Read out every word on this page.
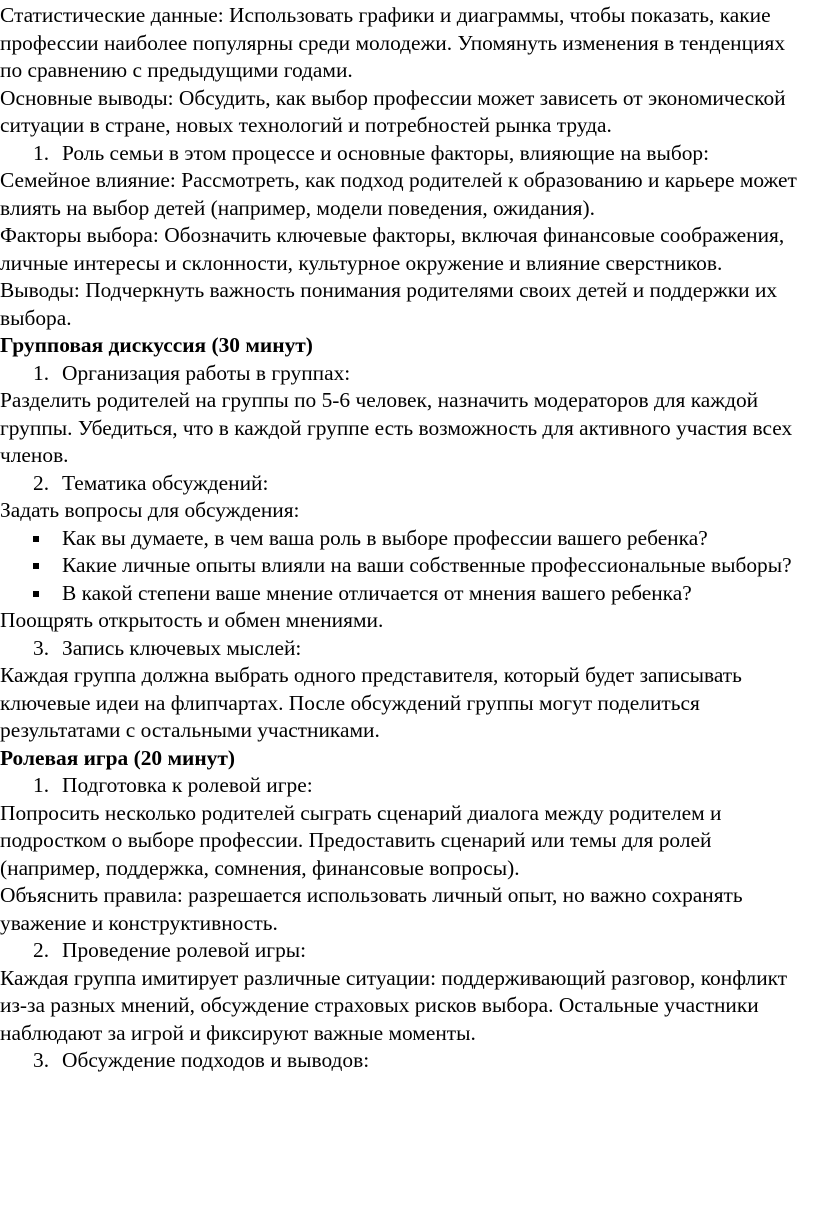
Статистические данные: Использовать графики и диаграммы, чтобы показать, какие профессии наиболее популярны среди молодежи. Упомянуть изменения в тенденциях по сравнению с предыдущими годами.

Основные выводы: Обсудить, как выбор профессии может зависеть от экономической ситуации в стране, новых технологий и потребностей рынка труда.

1. Роль семьи в этом процессе и основные факторы, влияющие на выбор:

Семейное влияние: Рассмотреть, как подход родителей к образованию и карьере может влиять на выбор детей (например, модели поведения, ожидания).

Факторы выбора: Обозначить ключевые факторы, включая финансовые соображения, личные интересы и склонности, культурное окружение и влияние сверстников.

Выводы: Подчеркнуть важность понимания родителями своих детей и поддержки их выбора.

Групповая дискуссия (30 минут)

1. Организация работы в группах:

Разделить родителей на группы по 5-6 человек, назначить модераторов для каждой группы. Убедиться, что в каждой группе есть возможность для активного участия всех членов.

2. Тематика обсуждений:

Задать вопросы для обсуждения:

Как вы думаете, в чем ваша роль в выборе профессии вашего ребенка?
Какие личные опыты влияли на ваши собственные профессиональные выборы?
В какой степени ваше мнение отличается от мнения вашего ребенка?

Поощрять открытость и обмен мнениями.

3. Запись ключевых мыслей:

Каждая группа должна выбрать одного представителя, который будет записывать ключевые идеи на флипчартах. После обсуждений группы могут поделиться результатами с остальными участниками.

Ролевая игра (20 минут)

1. Подготовка к ролевой игре:

Попросить несколько родителей сыграть сценарий диалога между родителем и подростком о выборе профессии. Предоставить сценарий или темы для ролей (например, поддержка, сомнения, финансовые вопросы).

Объяснить правила: разрешается использовать личный опыт, но важно сохранять уважение и конструктивность.

2. Проведение ролевой игры:

Каждая группа имитирует различные ситуации: поддерживающий разговор, конфликт из-за разных мнений, обсуждение страховых рисков выбора. Остальные участники наблюдают за игрой и фиксируют важные моменты.

3. Обсуждение подходов и выводов:
